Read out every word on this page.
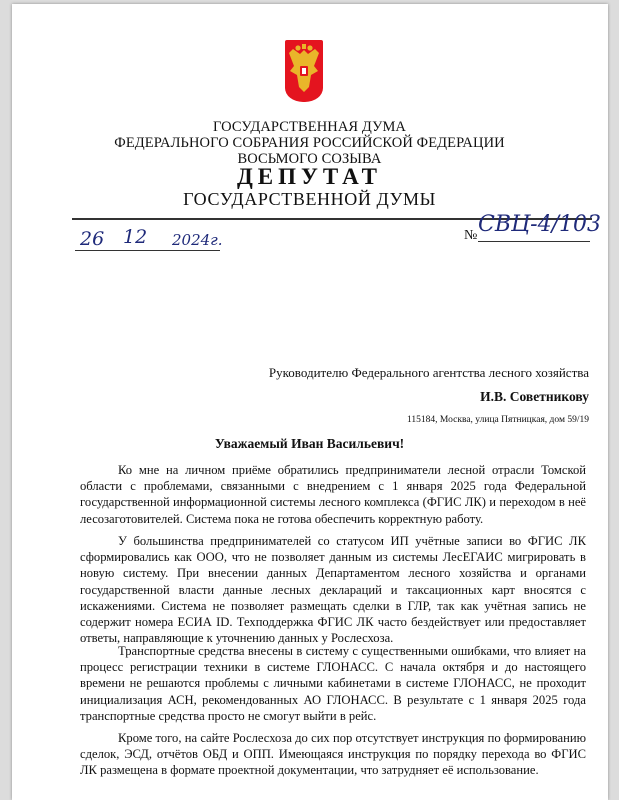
ГОСУДАРСТВЕННАЯ ДУМА
ФЕДЕРАЛЬНОГО СОБРАНИЯ РОССИЙСКОЙ ФЕДЕРАЦИИ
ВОСЬМОГО СОЗЫВА
ДЕПУТАТ
ГОСУДАРСТВЕННОЙ ДУМЫ
26 12 2024г.	№ СВЦ-4/103
Руководителю Федерального агентства лесного хозяйства
И.В. Советникову
115184, Москва, улица Пятницкая, дом 59/19
Уважаемый Иван Васильевич!

Ко мне на личном приёме обратились предприниматели лесной отрасли Томской области с проблемами, связанными с внедрением с 1 января 2025 года Федеральной государственной информационной системы лесного комплекса (ФГИС ЛК) и переходом в неё лесозаготовителей. Система пока не готова обеспечить корректную работу.

У большинства предпринимателей со статусом ИП учётные записи во ФГИС ЛК сформировались как ООО, что не позволяет данным из системы ЛесЕГАИС мигрировать в новую систему. При внесении данных Департаментом лесного хозяйства и органами государственной власти данные лесных деклараций и таксационных карт вносятся с искажениями. Система не позволяет размещать сделки в ГЛР, так как учётная запись не содержит номера ЕСИА ID. Техподдержка ФГИС ЛК часто бездействует или предоставляет ответы, направляющие к уточнению данных у Рослесхоза.

Транспортные средства внесены в систему с существенными ошибками, что влияет на процесс регистрации техники в системе ГЛОНАСС. С начала октября и до настоящего времени не решаются проблемы с личными кабинетами в системе ГЛОНАСС, не проходит инициализация АСН, рекомендованных АО ГЛОНАСС. В результате с 1 января 2025 года транспортные средства просто не смогут выйти в рейс.

Кроме того, на сайте Рослесхоза до сих пор отсутствует инструкция по формированию сделок, ЭСД, отчётов ОБД и ОПП. Имеющаяся инструкция по порядку перехода во ФГИС ЛК размещена в формате проектной документации, что затрудняет её использование.
